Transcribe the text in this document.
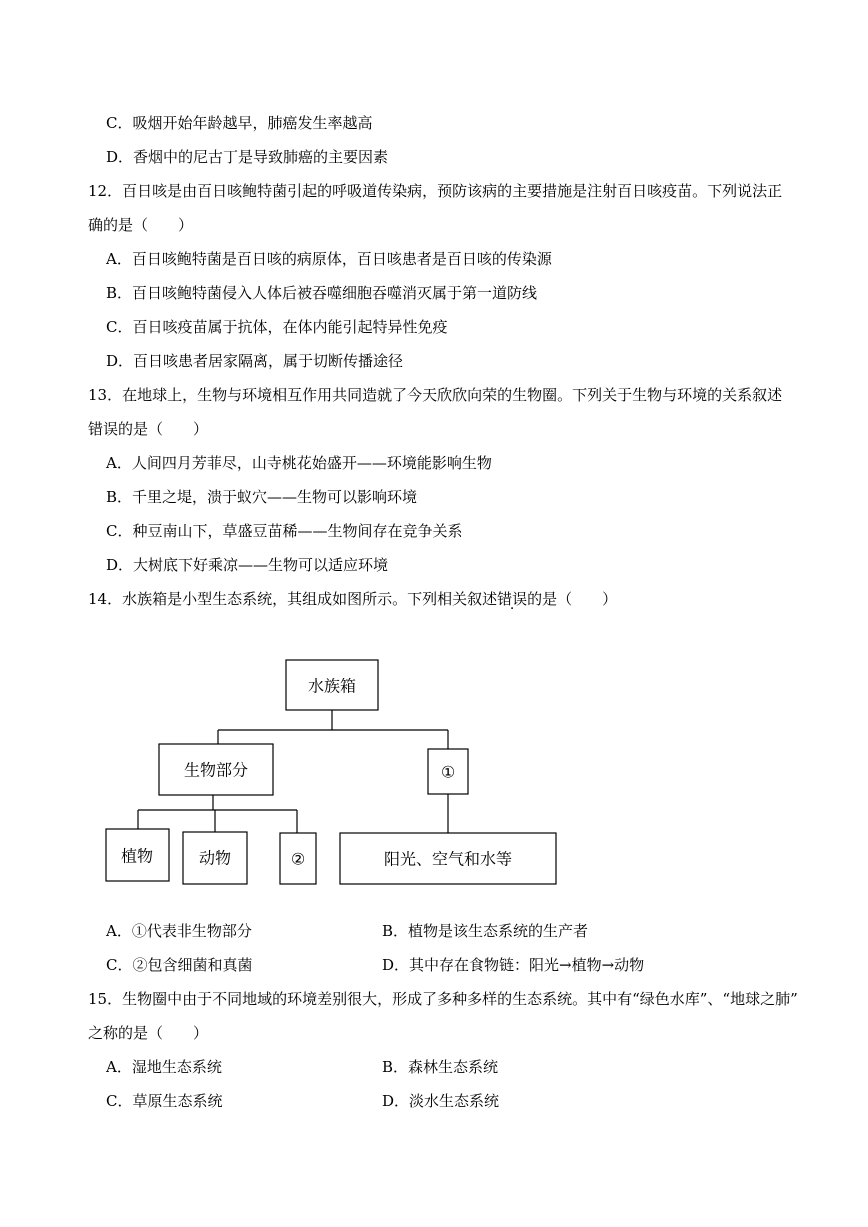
C．吸烟开始年龄越早，肺癌发生率越高
D．香烟中的尼古丁是导致肺癌的主要因素
12．百日咳是由百日咳鲍特菌引起的呼吸道传染病，预防该病的主要措施是注射百日咳疫苗。下列说法正
确的是（　　）
A．百日咳鲍特菌是百日咳的病原体，百日咳患者是百日咳的传染源
B．百日咳鲍特菌侵入人体后被吞噬细胞吞噬消灭属于第一道防线
C．百日咳疫苗属于抗体，在体内能引起特异性免疫
D．百日咳患者居家隔离，属于切断传播途径
13．在地球上，生物与环境相互作用共同造就了今天欣欣向荣的生物圈。下列关于生物与环境的关系叙述
错误的是（　　）
A．人间四月芳菲尽，山寺桃花始盛开——环境能影响生物
B．千里之堤，溃于蚁穴——生物可以影响环境
C．种豆南山下，草盛豆苗稀——生物间存在竞争关系
D．大树底下好乘凉——生物可以适应环境
14．水族箱是小型生态系统，其组成如图所示。下列相关叙述错误的是（　　）
水族箱
生物部分	①
植物	动物	②	阳光、空气和水等
A．①代表非生物部分	B．植物是该生态系统的生产者
C．②包含细菌和真菌	D．其中存在食物链：阳光→植物→动物
15．生物圈中由于不同地域的环境差别很大，形成了多种多样的生态系统。其中有“绿色水库”、“地球之肺”
之称的是（　　）
A．湿地生态系统	B．森林生态系统
C．草原生态系统	D．淡水生态系统
